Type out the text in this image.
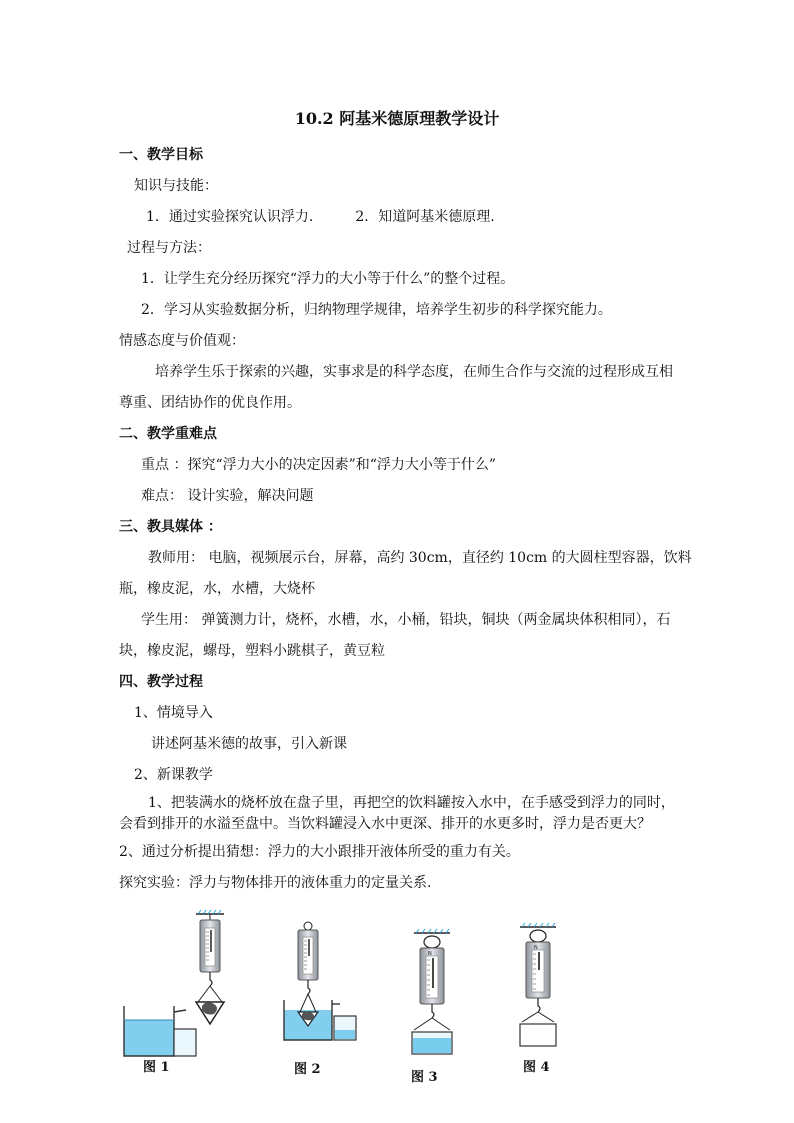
10.2 阿基米德原理教学设计
一、教学目标
知识与技能：
1．通过实验探究认识浮力.	2．知道阿基米德原理.
过程与方法：
1．让学生充分经历探究“浮力的大小等于什么”的整个过程。
2．学习从实验数据分析，归纳物理学规律，培养学生初步的科学探究能力。
情感态度与价值观：
培养学生乐于探索的兴趣，实事求是的科学态度，在师生合作与交流的过程形成互相
尊重、团结协作的优良作用。
二、教学重难点
重点 ：探究“浮力大小的决定因素”和“浮力大小等于什么”
难点： 设计实验，解决问题
三、教具媒体 ：
教师用： 电脑，视频展示台，屏幕，高约 30cm，直径约 10cm 的大圆柱型容器，饮料
瓶，橡皮泥，水，水槽，大烧杯
学生用： 弹簧测力计，烧杯，水槽，水，小桶，铅块，铜块（两金属块体积相同），石
块，橡皮泥，螺母，塑料小跳棋子，黄豆粒
四、教学过程
1、情境导入
讲述阿基米德的故事，引入新课
2、新课教学
1、把装满水的烧杯放在盘子里，再把空的饮料罐按入水中，在手感受到浮力的同时，
会看到排开的水溢至盘中。当饮料罐浸入水中更深、排开的水更多时，浮力是否更大？
2、通过分析提出猜想：浮力的大小跟排开液体所受的重力有关。
探究实验：浮力与物体排开的液体重力的定量关系.
图 1	图 2
N
图 3
N
图 4
